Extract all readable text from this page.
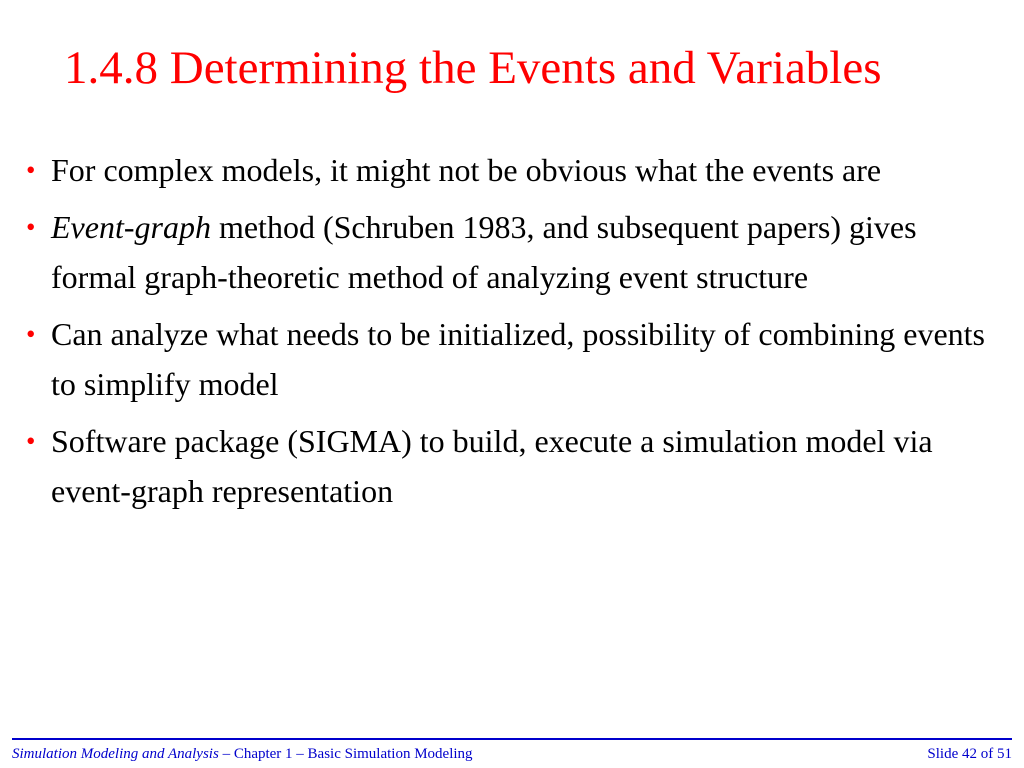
1.4.8 Determining the Events and Variables
• For complex models, it might not be obvious what the events are
• Event-graph method (Schruben 1983, and subsequent papers) gives formal graph-theoretic method of analyzing event structure
• Can analyze what needs to be initialized, possibility of combining events to simplify model
• Software package (SIGMA) to build, execute a simulation model via event-graph representation
Simulation Modeling and Analysis – Chapter 1 – Basic Simulation Modeling	Slide 42 of 51
